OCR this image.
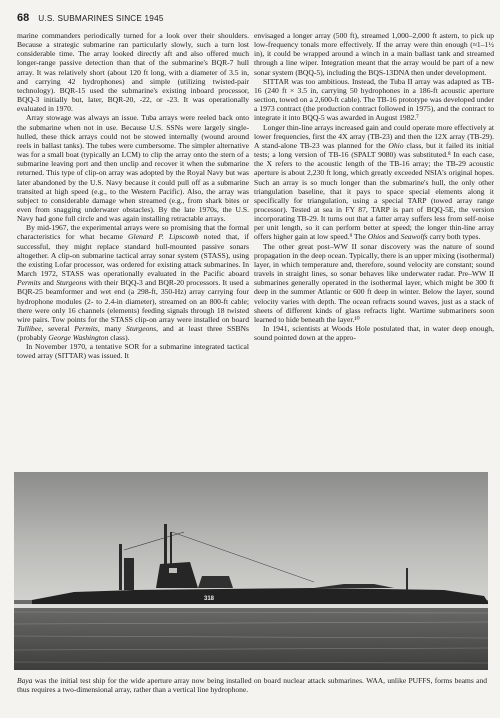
68 U.S. SUBMARINES SINCE 1945

marine commanders periodically turned for a look over their shoulders. Because a strategic submarine ran particularly slowly, such a turn lost considerable time. The array looked directly aft and also offered much longer-range passive detection than that of the submarine's BQR-7 hull array. It was relatively short (about 120 ft long, with a diameter of 3.5 in, and carrying 42 hydrophones) and simple (utilizing twisted-pair technology). BQR-15 used the submarine's existing inboard processor, BQQ-3 initially but, later, BQR-20, -22, or -23. It was operationally evaluated in 1970.

Array stowage was always an issue. Tuba arrays were reeled back onto the submarine when not in use. Because U.S. SSNs were largely single-hulled, these thick arrays could not be stowed internally (wound around reels in ballast tanks). The tubes were cumbersome. The simpler alternative was for a small boat (typically an LCM) to clip the array onto the stern of a submarine leaving port and then unclip and recover it when the submarine returned. This type of clip-on array was adopted by the Royal Navy but was later abandoned by the U.S. Navy because it could pull off as a submarine transited at high speed (e.g., to the Western Pacific). Also, the array was subject to considerable damage when streamed (e.g., from shark bites or even from snagging underwater obstacles). By the late 1970s, the U.S. Navy had gone full circle and was again installing retractable arrays.

By mid-1967, the experimental arrays were so promising that the formal characteristics for what became Glenard P. Lipscomb noted that, if successful, they might replace standard hull-mounted passive sonars altogether. A clip-on submarine tactical array sonar system (STASS), using the existing Lofar processor, was ordered for existing attack submarines. In March 1972, STASS was operationally evaluated in the Pacific aboard Permits and Sturgeons with their BQQ-3 and BQR-20 processors. It used a BQR-25 beamformer and wet end (a 298-ft, 350-Hz) array carrying four hydrophone modules (2- to 2.4-in diameter), streamed on an 800-ft cable; there were only 16 channels (elements) feeding signals through 18 twisted wire pairs. Tow points for the STASS clip-on array were installed on board Tullibee, several Permits, many Sturgeons, and at least three SSBNs (probably George Washington class).

In November 1970, a tentative SOR for a submarine integrated tactical towed array (SITTAR) was issued. It

envisaged a longer array (500 ft), streamed 1,000–2,000 ft astern, to pick up low-frequency tonals more effectively. If the array were thin enough (≈1–1½ in), it could be wrapped around a winch in a main ballast tank and streamed through a line wiper. Integration meant that the array would be part of a new sonar system (BQQ-5), including the BQS-13DNA then under development.

SITTAR was too ambitious. Instead, the Tuba II array was adapted as TB-16 (240 ft × 3.5 in, carrying 50 hydrophones in a 186-ft acoustic aperture section, towed on a 2,600-ft cable). The TB-16 prototype was developed under a 1973 contract (the production contract followed in 1975), and the contract to integrate it into BQQ-5 was awarded in August 1982.⁷

Longer thin-line arrays increased gain and could operate more effectively at lower frequencies, first the 4X array (TB-23) and then the 12X array (TB-29). A stand-alone TB-23 was planned for the Ohio class, but it failed its initial tests; a long version of TB-16 (SPALT 9080) was substituted.⁸ In each case, the X refers to the acoustic length of the TB-16 array; the TB-29 acoustic aperture is about 2,230 ft long, which greatly exceeded NSIA's original hopes. Such an array is so much longer than the submarine's hull, the only other triangulation baseline, that it pays to space special elements along it specifically for triangulation, using a special TARP (towed array range processor). Tested at sea in FY 87, TARP is part of BQQ-5E, the version incorporating TB-29. It turns out that a fatter array suffers less from self-noise per unit length, so it can perform better at speed; the longer thin-line array offers higher gain at low speed.⁹ The Ohios and Seawolfs carry both types.

The other great post–WW II sonar discovery was the nature of sound propagation in the deep ocean. Typically, there is an upper mixing (isothermal) layer, in which temperature and, therefore, sound velocity are constant; sound travels in straight lines, so sonar behaves like underwater radar. Pre–WW II submarines generally operated in the isothermal layer, which might be 300 ft deep in the summer Atlantic or 600 ft deep in winter. Below the layer, sound velocity varies with depth. The ocean refracts sound waves, just as a stack of sheets of different kinds of glass refracts light. Wartime submariners soon learned to hide beneath the layer.¹⁰

In 1941, scientists at Woods Hole postulated that, in water deep enough, sound pointed down at the appro-

318
Baya was the initial test ship for the wide aperture array now being installed on board nuclear attack submarines. WAA, unlike PUFFS, forms beams and thus requires a two-dimensional array, rather than a vertical line hydrophone.
